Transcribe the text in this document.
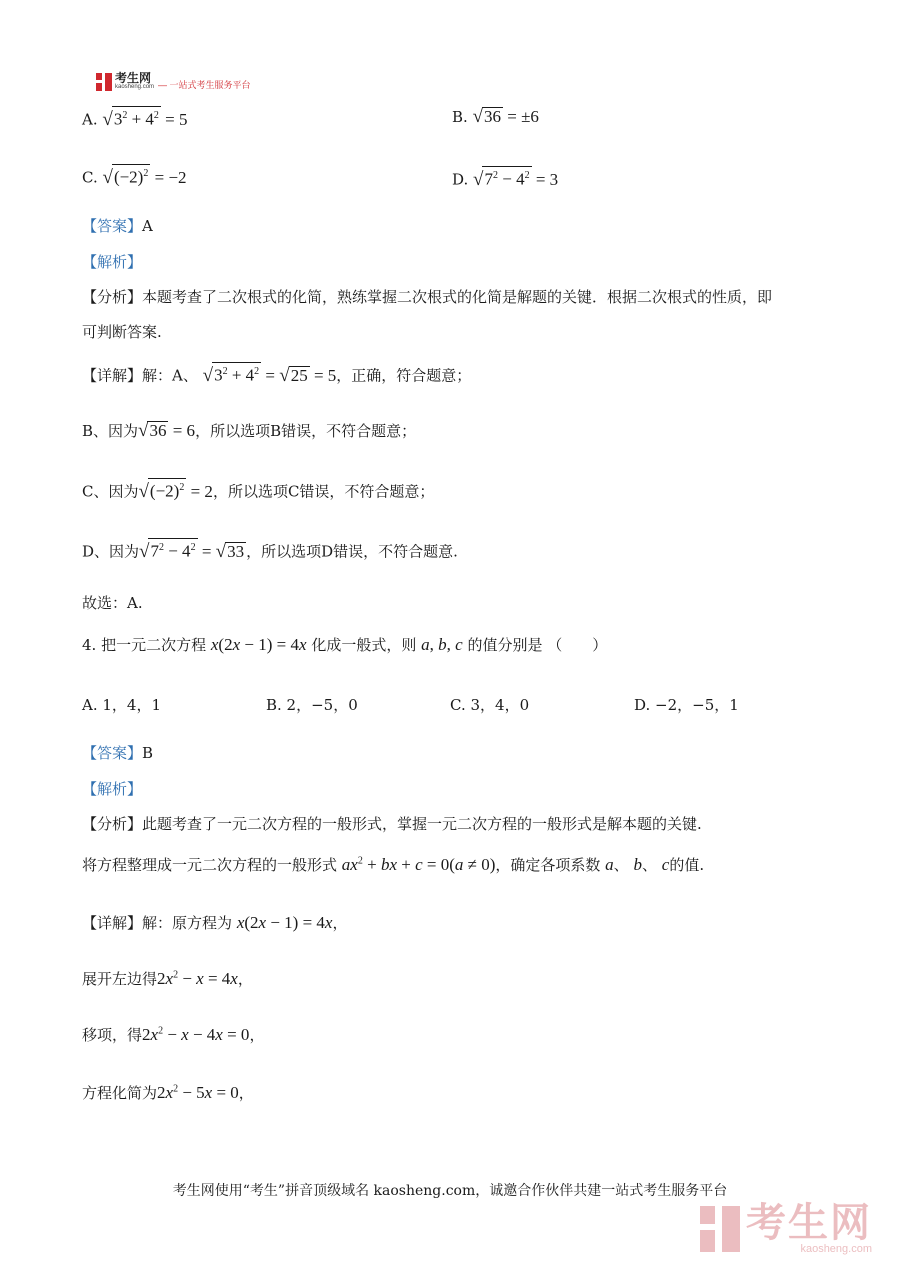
考生网
kaosheng.com — 一站式考生服务平台
A. $√3^2 + 4^2 = 5$	B. √36 = ±6
C. $√(-2)^2 = -2$	D. $√7^2 - 4^2 = 3$
【答案】A
【解析】
【分析】本题考查了二次根式的化简，熟练掌握二次根式的化简是解题的关键．根据二次根式的性质，即
可判断答案.
【详解】解：A、 $√3^2 + 4^2 = √25 = 5$，正确，符合题意；
B、因为√36 = 6，所以选项B错误，不符合题意；
C、因为$√(-2)^2 = 2$，所以选项C错误，不符合题意；
D、因为$√7^2 - 4^2 = √33$ ，所以选项D错误，不符合题意.
故选：A.
4. 把一元二次方程 x(2x − 1) = 4x 化成一般式，则 a, b, c 的值分别是 （　　）
A. 1，4，1	B. 2，−5，0	C. 3，4，0	D. −2，−5，1
【答案】B
【解析】
【分析】此题考查了一元二次方程的一般形式，掌握一元二次方程的一般形式是解本题的关键.
将方程整理成一元二次方程的一般形式 $ax^2$ + bx + c = 0(a ≠ 0)，确定各项系数 a、 b、 c的值.
【详解】解：原方程为 x(2x − 1) = 4x，
展开左边得$2x^2 - x = 4x$，
移项，得$2x^2 - x - 4x = 0$，
方程化简为$2x^2 - 5x = 0$，
考生网使用“考生”拼音顶级域名 kaosheng.com，诚邀合作伙伴共建一站式考生服务平台
考生网
kaosheng.com
